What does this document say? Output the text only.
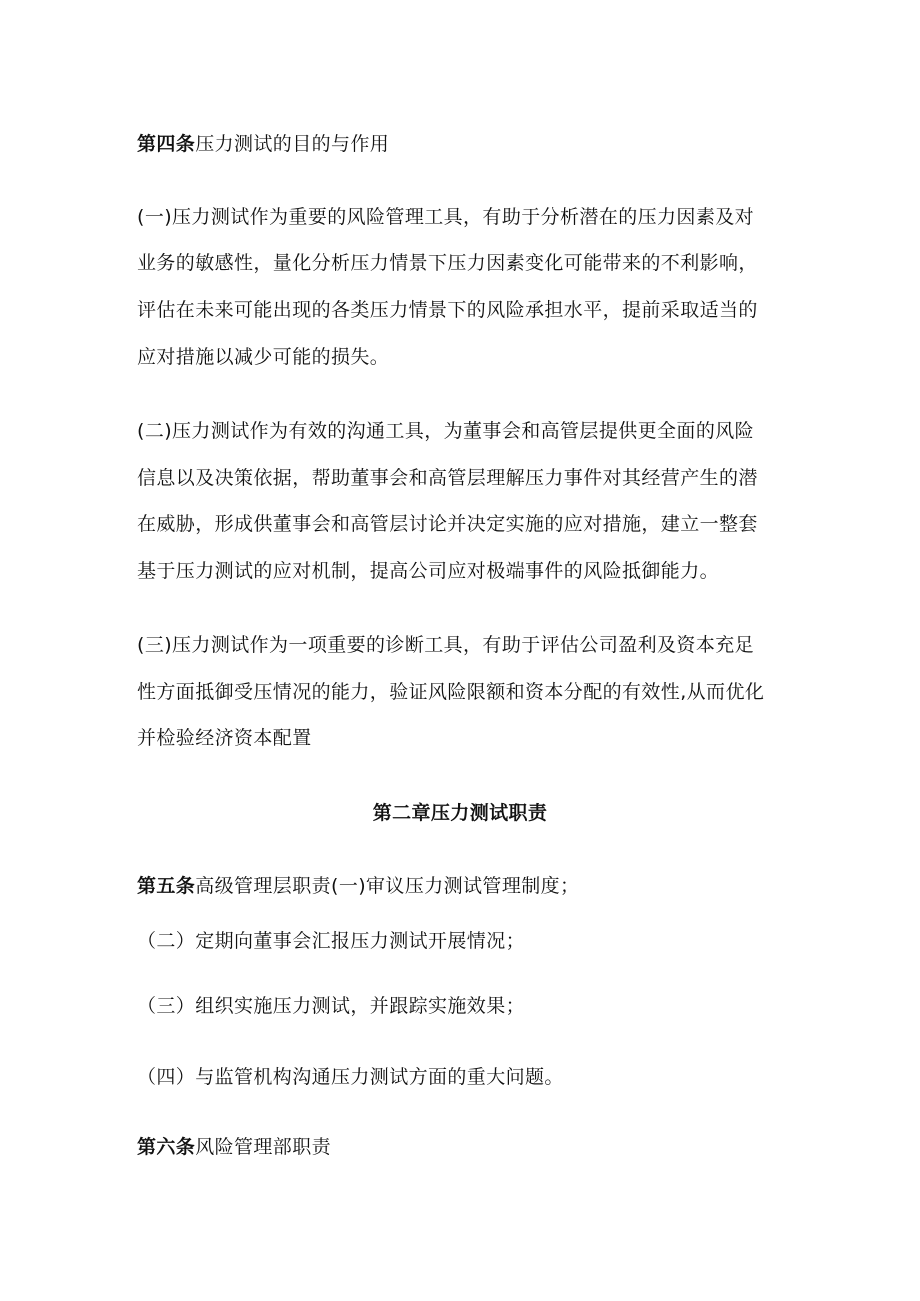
第四条压力测试的目的与作用
(一)压力测试作为重要的风险管理工具，有助于分析潜在的压力因素及对
业务的敏感性，量化分析压力情景下压力因素变化可能带来的不利影响，
评估在未来可能出现的各类压力情景下的风险承担水平，提前采取适当的
应对措施以减少可能的损失。
(二)压力测试作为有效的沟通工具，为董事会和高管层提供更全面的风险
信息以及决策依据，帮助董事会和高管层理解压力事件对其经营产生的潜
在威胁，形成供董事会和高管层讨论并决定实施的应对措施，建立一整套
基于压力测试的应对机制，提高公司应对极端事件的风险抵御能力。
(三)压力测试作为一项重要的诊断工具，有助于评估公司盈利及资本充足
性方面抵御受压情况的能力，验证风险限额和资本分配的有效性,从而优化
并检验经济资本配置
第二章压力测试职责
第五条高级管理层职责(一)审议压力测试管理制度；
（二）定期向董事会汇报压力测试开展情况；
（三）组织实施压力测试，并跟踪实施效果；
（四）与监管机构沟通压力测试方面的重大问题。
第六条风险管理部职责
